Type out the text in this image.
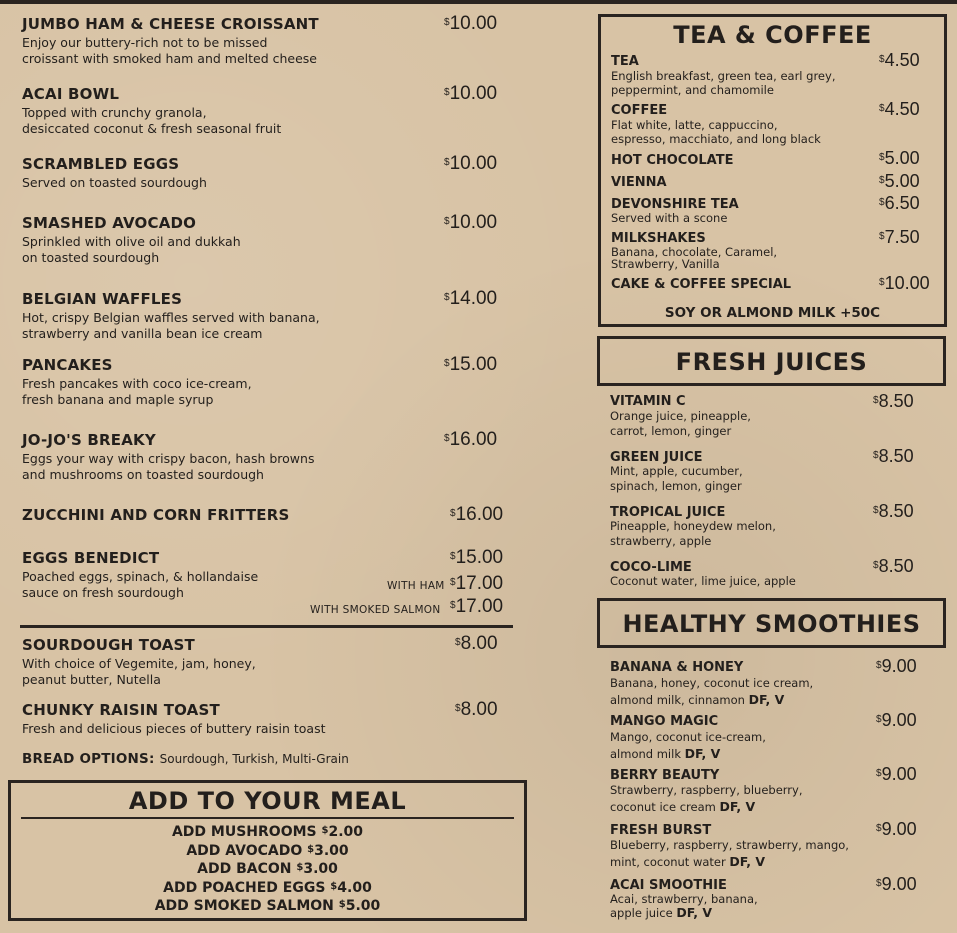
JUMBO HAM & CHEESE CROISSANT
Enjoy our buttery-rich not to be missed
croissant with smoked ham and melted cheese
$10.00
ACAI BOWL
Topped with crunchy granola,
desiccated coconut & fresh seasonal fruit
$10.00
SCRAMBLED EGGS
Served on toasted sourdough
$10.00
SMASHED AVOCADO
Sprinkled with olive oil and dukkah
on toasted sourdough
$10.00
BELGIAN WAFFLES
Hot, crispy Belgian waffles served with banana,
strawberry and vanilla bean ice cream
$14.00
PANCAKES
Fresh pancakes with coco ice-cream,
fresh banana and maple syrup
$15.00
JO-JO'S BREAKY
Eggs your way with crispy bacon, hash browns
and mushrooms on toasted sourdough
$16.00
ZUCCHINI AND CORN FRITTERS	$16.00
EGGS BENEDICT
Poached eggs, spinach, & hollandaise
sauce on fresh sourdough
$15.00
WITH HAM $17.00
WITH SMOKED SALMON $17.00
SOURDOUGH TOAST
With choice of Vegemite, jam, honey,
peanut butter, Nutella
$8.00
CHUNKY RAISIN TOAST
Fresh and delicious pieces of buttery raisin toast
$8.00
BREAD OPTIONS: Sourdough, Turkish, Multi-Grain
ADD TO YOUR MEAL
ADD MUSHROOMS $2.00
ADD AVOCADO $3.00
ADD BACON $3.00
ADD POACHED EGGS $4.00
ADD SMOKED SALMON $5.00
TEA & COFFEE
TEA
English breakfast, green tea, earl grey,
peppermint, and chamomile
$4.50
COFFEE
Flat white, latte, cappuccino,
espresso, macchiato, and long black
$4.50
HOT CHOCOLATE	$5.00
VIENNA	$5.00
DEVONSHIRE TEA
Served with a scone
$6.50
MILKSHAKES
Banana, chocolate, Caramel,
Strawberry, Vanilla
$7.50
CAKE & COFFEE SPECIAL	$10.00
SOY OR ALMOND MILK +50C
FRESH JUICES
VITAMIN C
Orange juice, pineapple,
carrot, lemon, ginger
$8.50
GREEN JUICE
Mint, apple, cucumber,
spinach, lemon, ginger
$8.50
TROPICAL JUICE
Pineapple, honeydew melon,
strawberry, apple
$8.50
COCO-LIME
Coconut water, lime juice, apple
$8.50
HEALTHY SMOOTHIES
BANANA & HONEY
Banana, honey, coconut ice cream,
almond milk, cinnamon DF, V
$9.00
MANGO MAGIC
Mango, coconut ice-cream,
almond milk DF, V
$9.00
BERRY BEAUTY
Strawberry, raspberry, blueberry,
coconut ice cream DF, V
$9.00
FRESH BURST
Blueberry, raspberry, strawberry, mango,
mint, coconut water DF, V
$9.00
ACAI SMOOTHIE
Acai, strawberry, banana,
apple juice DF, V
$9.00
